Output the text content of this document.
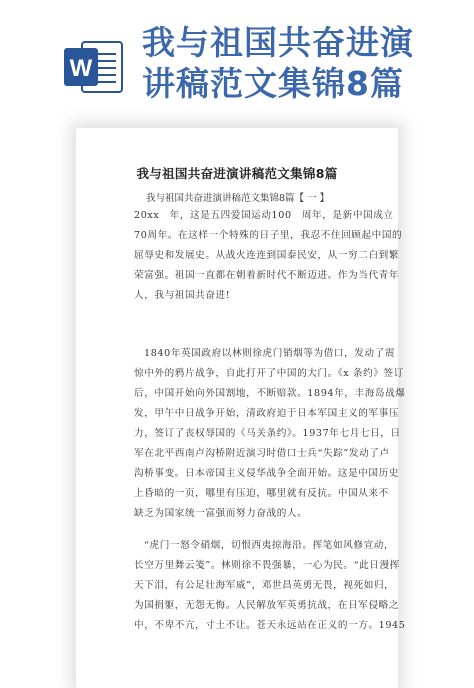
W
我与祖国共奋进演
讲稿范文集锦8篇
我与祖国共奋进演讲稿范文集锦8篇
我与祖国共奋进演讲稿范文集锦8篇【 一 】
20xx　年，这是五四爱国运动100　周年，是新中国成立
70周年。在这样一个特殊的日子里，我忍不住回顾起中国的
屈辱史和发展史。从战火连连到国泰民安，从一穷二白到繁
荣富强。祖国一直都在朝着新时代不断迈进。作为当代青年
人，我与祖国共奋进!
1840年英国政府以林则徐虎门销烟等为借口，发动了震
惊中外的鸦片战争，自此打开了中国的大门。《x 条约》签订
后，中国开始向外国割地，不断赔款。1894年，丰海岛战爆
发，甲午中日战争开始，清政府迫于日本军国主义的军事压
力，签订了丧权辱国的《马关条约》。1937年七月七日，日
军在北平西南卢沟桥附近演习时借口士兵“失踪”发动了卢
沟桥事变。日本帝国主义侵华战争全面开始。这是中国历史
上昏暗的一页，哪里有压迫，哪里就有反抗。中国从来不
缺乏为国家统一富强而努力奋战的人。
“虎门一怒令硝烟，切恨西夷掠海沿。挥笔如风修宣动，
长空万里舞云笺”。林则徐不畏强暴，一心为民。“此日漫挥
天下泪，有公足壮海军威”，邓世昌英勇无畏，视死如归，
为国捐躯，无怨无悔。人民解放军英勇抗战，在日军侵略之
中，不卑不亢，寸土不让。苍天永远站在正义的一方。1945
